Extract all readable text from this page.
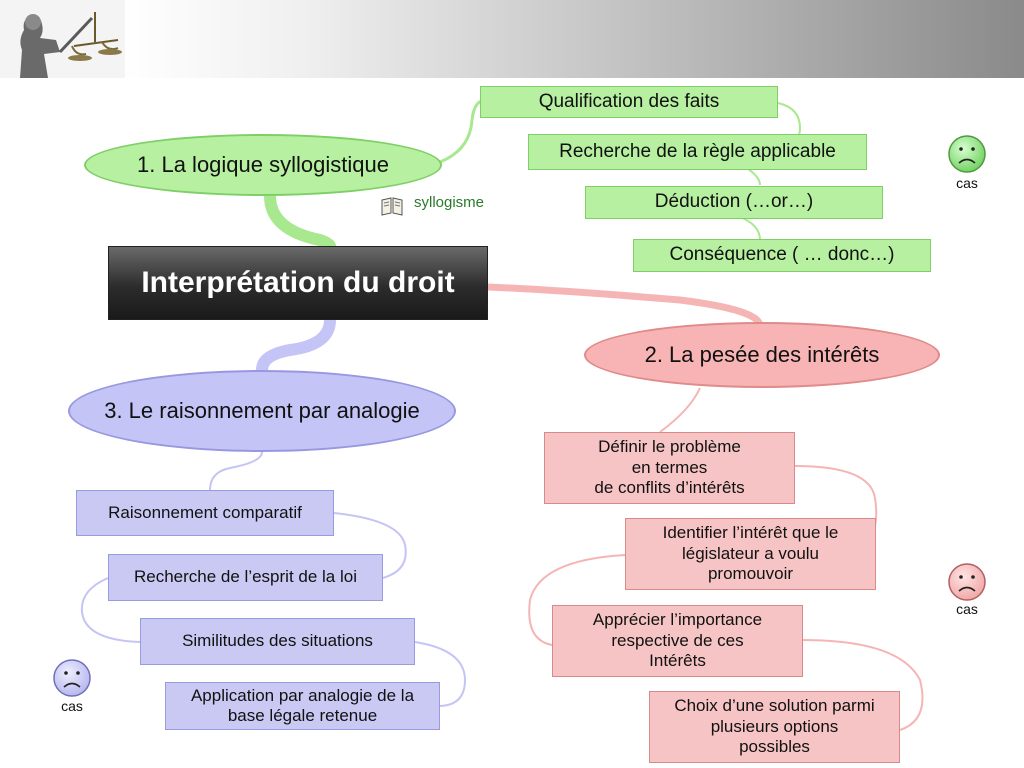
1. La logique syllogistique
2. La pesée des intérêts
3. Le raisonnement par analogie
Interprétation du droit
Qualification des faits
Recherche de la règle applicable
Déduction (…or…)
Conséquence ( … donc…)
syllogisme
Définir le problème
en termes
de conflits d’intérêts
Identifier l’intérêt que le
législateur a voulu
promouvoir
Apprécier l’importance
respective de ces
Intérêts
Choix d’une solution parmi
plusieurs options
possibles
Raisonnement comparatif
Recherche de l’esprit de la loi
Similitudes des situations
Application par analogie de la
base légale retenue
cas
cas
cas
